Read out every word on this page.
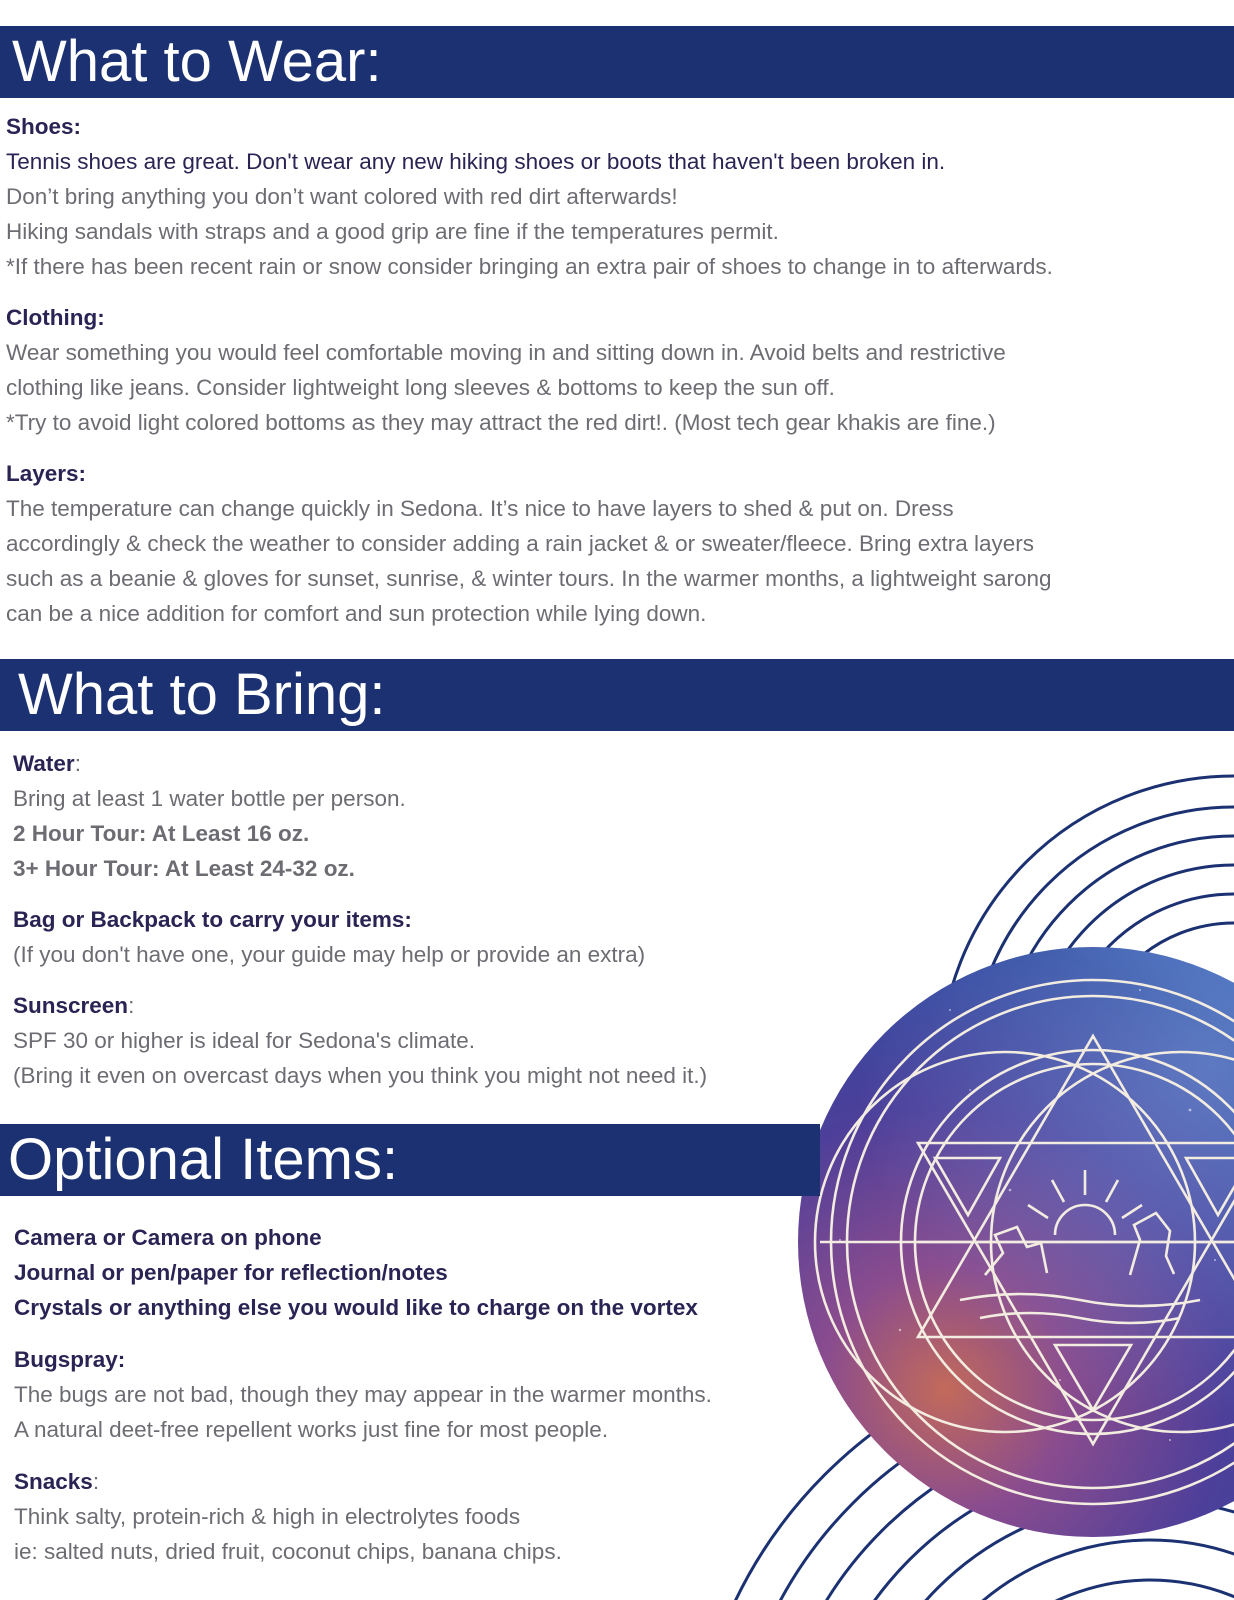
What to Wear:

Shoes:

Tennis shoes are great. Don't wear any new hiking shoes or boots that haven't been broken in.

Don’t bring anything you don’t want colored with red dirt afterwards!

Hiking sandals with straps and a good grip are fine if the temperatures permit.

*If there has been recent rain or snow consider bringing an extra pair of shoes to change in to afterwards.

Clothing:

Wear something you would feel comfortable moving in and sitting down in. Avoid belts and restrictive

clothing like jeans. Consider lightweight long sleeves & bottoms to keep the sun off.

*Try to avoid light colored bottoms as they may attract the red dirt!. (Most tech gear khakis are fine.)

Layers:

The temperature can change quickly in Sedona. It’s nice to have layers to shed & put on. Dress

accordingly & check the weather to consider adding a rain jacket & or sweater/fleece. Bring extra layers

such as a beanie & gloves for sunset, sunrise, & winter tours. In the warmer months, a lightweight sarong

can be a nice addition for comfort and sun protection while lying down.

What to Bring:

Water:

Bring at least 1 water bottle per person.

2 Hour Tour: At Least 16 oz.

3+ Hour Tour: At Least 24-32 oz.

Bag or Backpack to carry your items:

(If you don't have one, your guide may help or provide an extra)

Sunscreen:

SPF 30 or higher is ideal for Sedona's climate.

(Bring it even on overcast days when you think you might not need it.)

Optional Items:

Camera or Camera on phone

Journal or pen/paper for reflection/notes

Crystals or anything else you would like to charge on the vortex

Bugspray:

The bugs are not bad, though they may appear in the warmer months.

A natural deet-free repellent works just fine for most people.

Snacks:

Think salty, protein-rich & high in electrolytes foods

ie: salted nuts, dried fruit, coconut chips, banana chips.
